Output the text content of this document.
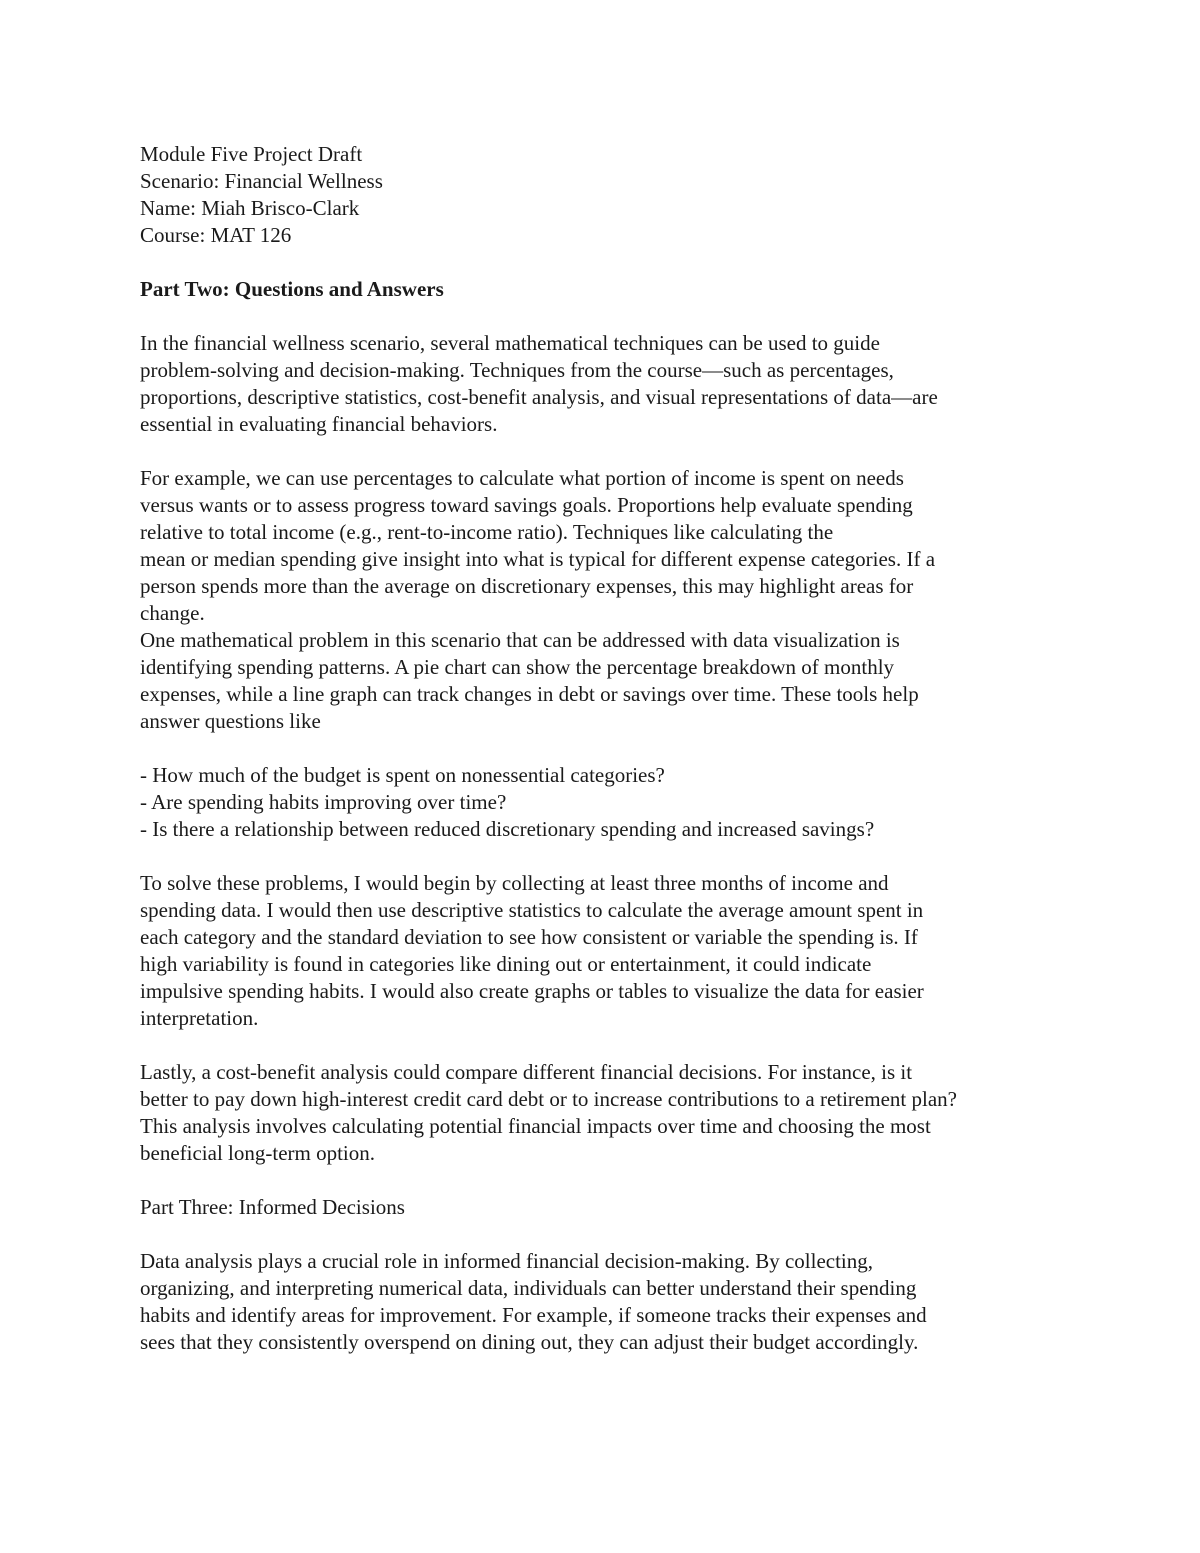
Module Five Project Draft
Scenario: Financial Wellness
Name: Miah Brisco-Clark
Course: MAT 126
Part Two: Questions and Answers

In the financial wellness scenario, several mathematical techniques can be used to guide
problem-solving and decision-making. Techniques from the course—such as percentages,
proportions, descriptive statistics, cost-benefit analysis, and visual representations of data—are
essential in evaluating financial behaviors.

For example, we can use percentages to calculate what portion of income is spent on needs
versus wants or to assess progress toward savings goals. Proportions help evaluate spending
relative to total income (e.g., rent-to-income ratio). Techniques like calculating the
mean or median spending give insight into what is typical for different expense categories. If a
person spends more than the average on discretionary expenses, this may highlight areas for
change.

One mathematical problem in this scenario that can be addressed with data visualization is
identifying spending patterns. A pie chart can show the percentage breakdown of monthly
expenses, while a line graph can track changes in debt or savings over time. These tools help
answer questions like

- How much of the budget is spent on nonessential categories?
- Are spending habits improving over time?
- Is there a relationship between reduced discretionary spending and increased savings?

To solve these problems, I would begin by collecting at least three months of income and
spending data. I would then use descriptive statistics to calculate the average amount spent in
each category and the standard deviation to see how consistent or variable the spending is. If
high variability is found in categories like dining out or entertainment, it could indicate
impulsive spending habits. I would also create graphs or tables to visualize the data for easier
interpretation.

Lastly, a cost-benefit analysis could compare different financial decisions. For instance, is it
better to pay down high-interest credit card debt or to increase contributions to a retirement plan?
This analysis involves calculating potential financial impacts over time and choosing the most
beneficial long-term option.

Part Three: Informed Decisions

Data analysis plays a crucial role in informed financial decision-making. By collecting,
organizing, and interpreting numerical data, individuals can better understand their spending
habits and identify areas for improvement. For example, if someone tracks their expenses and
sees that they consistently overspend on dining out, they can adjust their budget accordingly.
